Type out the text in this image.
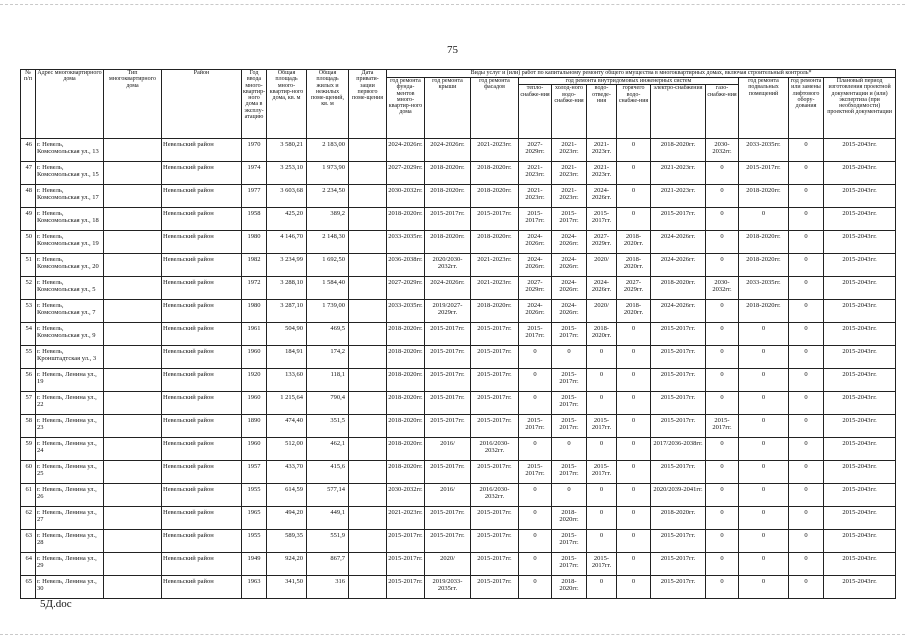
75
№ п/п	Адрес многоквартирного дома	Тип многоквартирного дома	Район	Год ввода много-квартир-ного дома в эксплу-атацию	Общая площадь много-квартир-ного дома, кв. м	Общая площадь жилых и нежилых поме-щений, кв. м	Дата привати-зации первого поме-щения	Виды услуг и (или) работ по капитальному ремонту общего имущества в многоквартирных домах, включая строительный контроль*											
								год ремонта фунда-ментов много-квартир-ного дома	год ремонта крыши	год ремонта фасадов	год ремонта внутридомовых инженерных систем						год ремонта подвальных помещений	год ремонта или замены лифтового обору-дования	Плановый период изготовления проектной документации и (или) экспертиза (при необходимости) проектной документации
											тепло-снабже-ния	холод-ного водо-снабже-ния	водо-отведе-ния	горячего водо-снабже-ния	электро-снабжения	газо-снабже-ния			
46	г. Невель, Комсомольская ул., 13		Невельский район	1970	3 580,21	2 183,00		2024-2026гг.	2024-2026гг.	2021-2023гг.	2027-2029гг.	2021-2023гг.	2021-2023гг.	0	2018-2020гг.	2030-2032гг.	2033-2035гг.	0	2015-2043гг.
47	г. Невель, Комсомольская ул., 15		Невельский район	1974	3 253,10	1 973,90		2027-2029гг.	2018-2020гг.	2018-2020гг.	2021-2023гг.	2021-2023гг.	2021-2023гг.	0	2021-2023гг.	0	2015-2017гг.	0	2015-2043гг.
48	г. Невель, Комсомольская ул., 17		Невельский район	1977	3 603,68	2 234,50		2030-2032гг.	2018-2020гг.	2018-2020гг.	2021-2023гг.	2021-2023гг.	2024-2026гг.	0	2021-2023гг.	0	2018-2020гг.	0	2015-2043гг.
49	г. Невель, Комсомольская ул., 18		Невельский район	1958	425,20	389,2		2018-2020гг.	2015-2017гг.	2015-2017гг.	2015-2017гг.	2015-2017гг.	2015-2017гг.	0	2015-2017гг.	0	0	0	2015-2043гг.
50	г. Невель, Комсомольская ул., 19		Невельский район	1980	4 146,70	2 148,30		2033-2035гг.	2018-2020гг.	2018-2020гг.	2024-2026гг.	2024-2026гг.	2027-2029гг.	2018-2020гг.	2024-2026гг.	0	2018-2020гг.	0	2015-2043гг.
51	г. Невель, Комсомольская ул., 20		Невельский район	1982	3 234,99	1 692,50		2036-2038гг.	2020/2030-2032гг.	2021-2023гг.	2024-2026гг.	2024-2026гг.	2020/	2018-2020гг.	2024-2026гг.	0	2018-2020гг.	0	2015-2043гг.
52	г. Невель, Комсомольская ул., 5		Невельский район	1972	3 288,10	1 584,40		2027-2029гг.	2024-2026гг.	2021-2023гг.	2027-2029гг.	2024-2026гг.	2024-2026гг.	2027-2029гг.	2018-2020гг.	2030-2032гг.	2033-2035гг.	0	2015-2043гг.
53	г. Невель, Комсомольская ул., 7		Невельский район	1980	3 287,10	1 739,00		2033-2035гг.	2019/2027-2029гг.	2018-2020гг.	2024-2026гг.	2024-2026гг.	2020/	2018-2020гг.	2024-2026гг.	0	2018-2020гг.	0	2015-2043гг.
54	г. Невель, Комсомольская ул., 9		Невельский район	1961	504,90	469,5		2018-2020гг.	2015-2017гг.	2015-2017гг.	2015-2017гг.	2015-2017гг.	2018-2020гг.	0	2015-2017гг.	0	0	0	2015-2043гг.
55	г. Невель, Кронштадтская ул., 3		Невельский район	1960	184,91	174,2		2018-2020гг.	2015-2017гг.	2015-2017гг.	0	0	0	0	2015-2017гг.	0	0	0	2015-2043гг.
56	г. Невель, Ленина ул., 19		Невельский район	1920	133,60	118,1		2018-2020гг.	2015-2017гг.	2015-2017гг.	0	2015-2017гг.	0	0	2015-2017гг.	0	0	0	2015-2043гг.
57	г. Невель, Ленина ул., 22		Невельский район	1960	1 215,64	790,4		2018-2020гг.	2015-2017гг.	2015-2017гг.	0	2015-2017гг.	0	0	2015-2017гг.	0	0	0	2015-2043гг.
58	г. Невель, Ленина ул., 23		Невельский район	1890	474,40	351,5		2018-2020гг.	2015-2017гг.	2015-2017гг.	2015-2017гг.	2015-2017гг.	2015-2017гг.	0	2015-2017гг.	2015-2017гг.	0	0	2015-2043гг.
59	г. Невель, Ленина ул., 24		Невельский район	1960	512,00	462,1		2018-2020гг.	2016/	2016/2030-2032гг.	0	0	0	0	2017/2036-2038гг.	0	0	0	2015-2043гг.
60	г. Невель, Ленина ул., 25		Невельский район	1957	433,70	415,6		2018-2020гг.	2015-2017гг.	2015-2017гг.	2015-2017гг.	2015-2017гг.	2015-2017гг.	0	2015-2017гг.	0	0	0	2015-2043гг.
61	г. Невель, Ленина ул., 26		Невельский район	1955	614,59	577,14		2030-2032гг.	2016/	2016/2030-2032гг.	0	0	0	0	2020/2039-2041гг.	0	0	0	2015-2043гг.
62	г. Невель, Ленина ул., 27		Невельский район	1965	494,20	449,1		2021-2023гг.	2015-2017гг.	2015-2017гг.	0	2018-2020гг.	0	0	2018-2020гг.	0	0	0	2015-2043гг.
63	г. Невель, Ленина ул., 28		Невельский район	1955	589,35	551,9		2015-2017гг.	2015-2017гг.	2015-2017гг.	0	2015-2017гг.	0	0	2015-2017гг.	0	0	0	2015-2043гг.
64	г. Невель, Ленина ул., 29		Невельский район	1949	924,20	867,7		2015-2017гг.	2020/	2015-2017гг.	0	2015-2017гг.	2015-2017гг.	0	2015-2017гг.	0	0	0	2015-2043гг.
65	г. Невель, Ленина ул., 30		Невельский район	1963	341,50	316		2015-2017гг.	2019/2033-2035гг.	2015-2017гг.	0	2018-2020гг.	0	0	2015-2017гг.	0	0	0	2015-2043гг.
5Д.doc
